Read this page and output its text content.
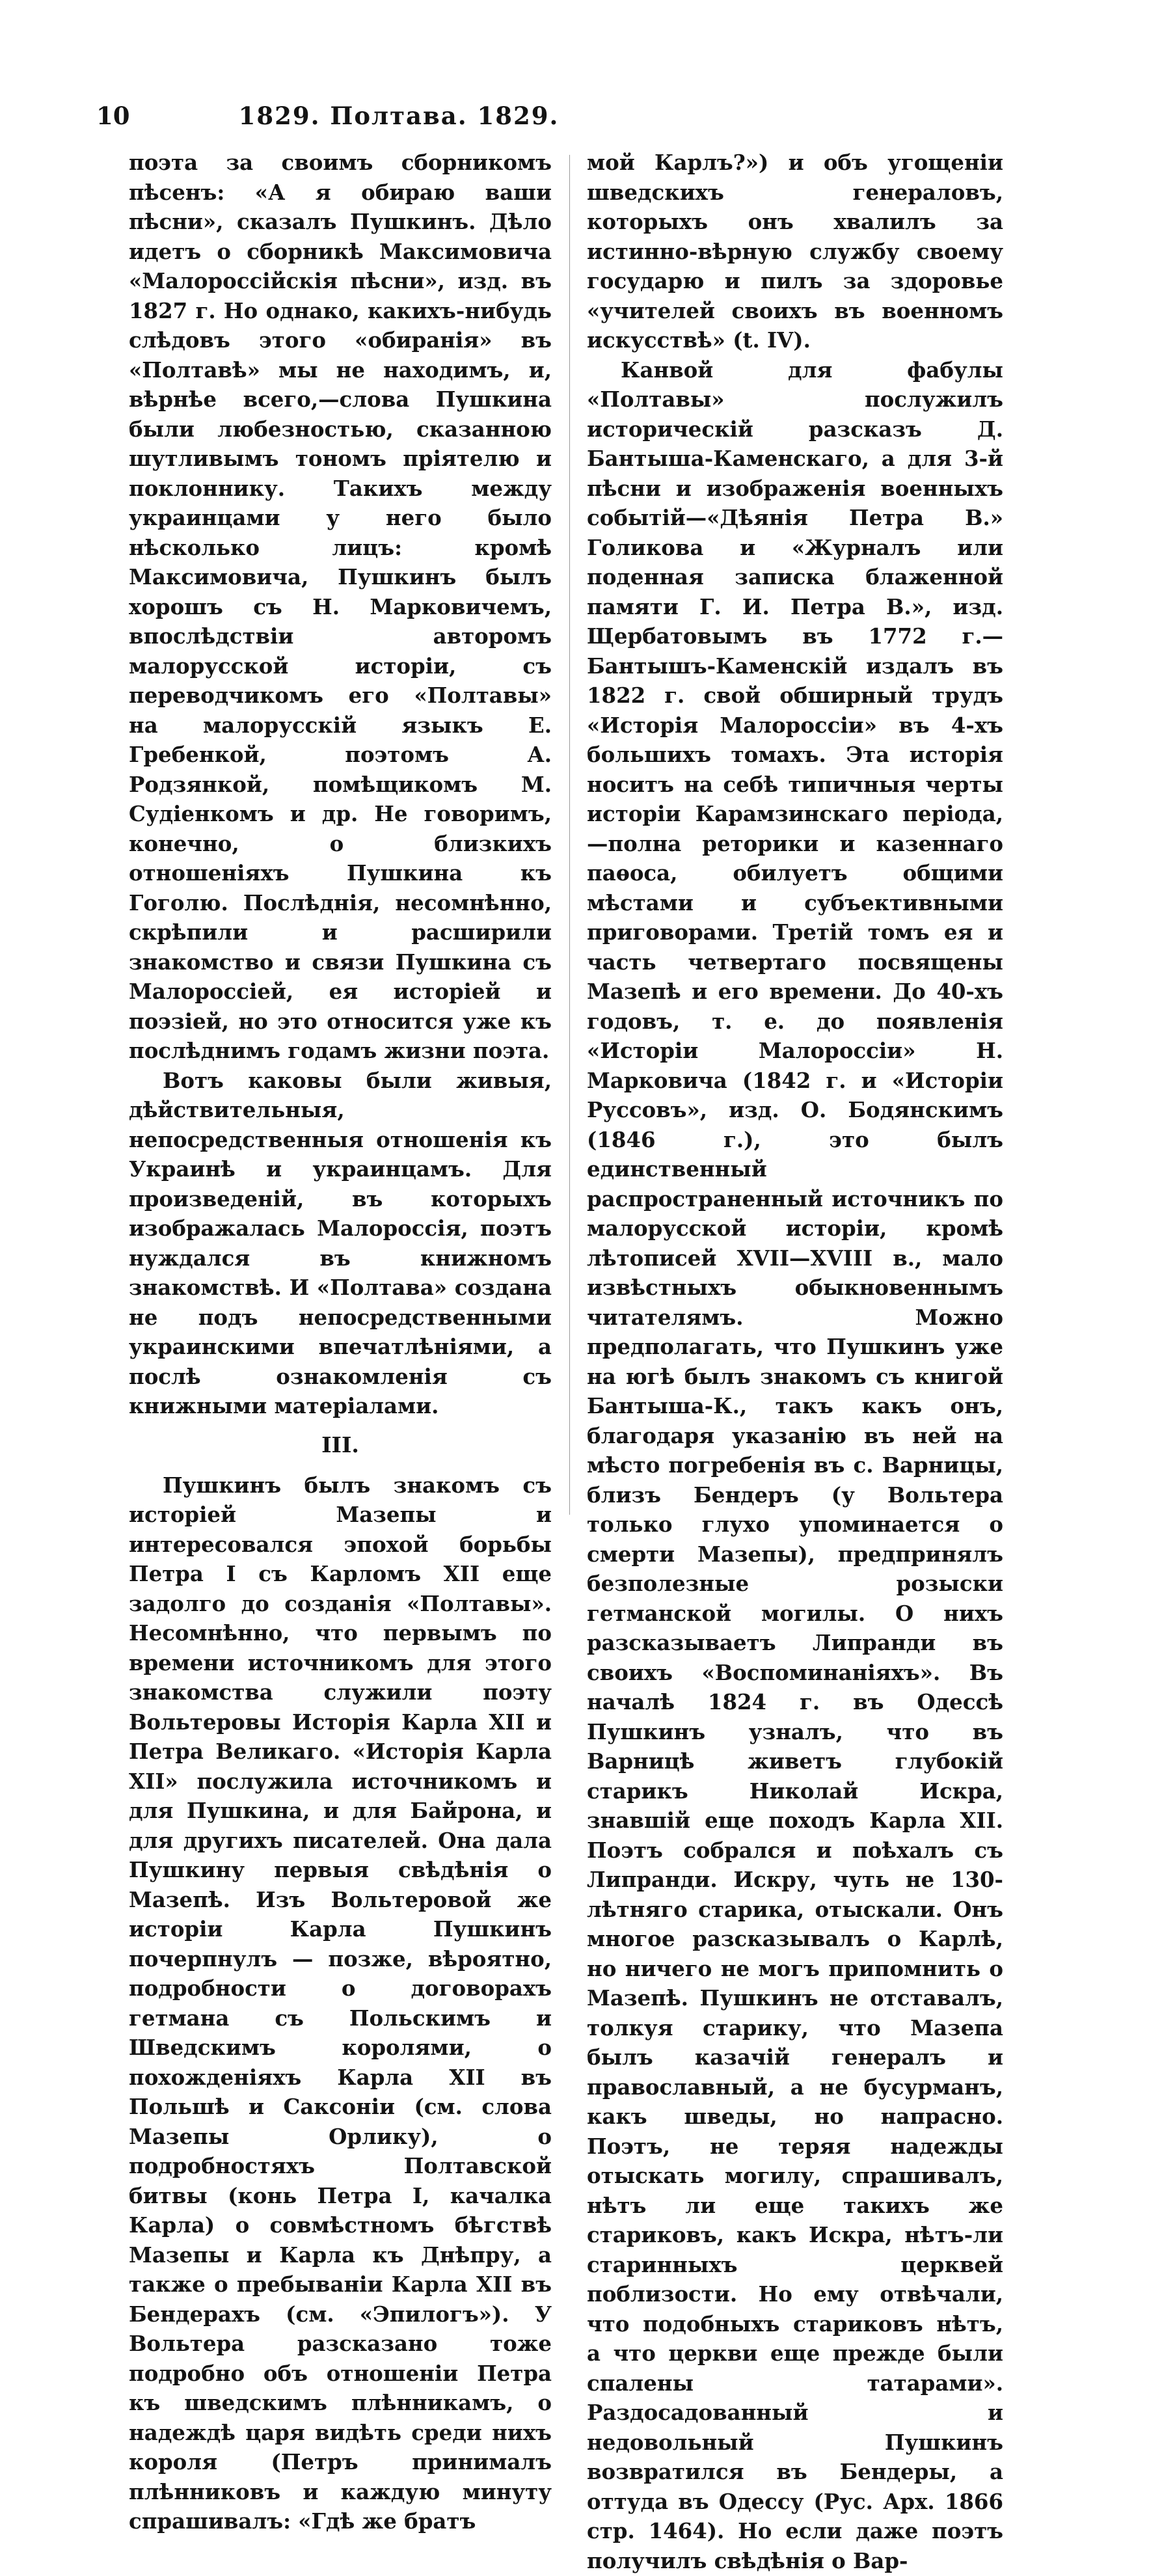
10	1829. Полтава. 1829.

поэта за своимъ сборникомъ пѣсенъ: «А я обираю ваши пѣсни», сказалъ Пушкинъ. Дѣло идетъ о сборникѣ Максимовича «Малороссійскія пѣсни», изд. въ 1827 г. Но однако, какихъ-нибудь слѣдовъ этого «обиранія» въ «Полтавѣ» мы не находимъ, и, вѣрнѣе всего,—слова Пушкина были любезностью, сказанною шутливымъ тономъ пріятелю и поклоннику. Такихъ между украинцами у него было нѣсколько лицъ: кромѣ Максимовича, Пушкинъ былъ хорошъ съ Н. Марковичемъ, впослѣдствіи авторомъ малорусской исторіи, съ переводчикомъ его «Полтавы» на малорусскій языкъ Е. Гребенкой, поэтомъ А. Родзянкой, помѣщикомъ М. Судіенкомъ и др. Не говоримъ, конечно, о близкихъ отношеніяхъ Пушкина къ Гоголю. Послѣднія, несомнѣнно, скрѣпили и расширили знакомство и связи Пушкина съ Малороссіей, ея исторіей и поэзіей, но это относится уже къ послѣднимъ годамъ жизни поэта.

Вотъ каковы были живыя, дѣйствительныя, непосредственныя отношенія къ Украинѣ и украинцамъ. Для произведеній, въ которыхъ изображалась Малороссія, поэтъ нуждался въ книжномъ знакомствѣ. И «Полтава» создана не подъ непосредственными украинскими впечатлѣніями, а послѣ ознакомленія съ книжными матеріалами.

III.

Пушкинъ былъ знакомъ съ исторіей Мазепы и интересовался эпохой борьбы Петра I съ Карломъ XII еще задолго до созданія «Полтавы». Несомнѣнно, что первымъ по времени источникомъ для этого знакомства служили поэту Вольтеровы Исторія Карла XII и Петра Великаго. «Исторія Карла XII» послужила источникомъ и для Пушкина, и для Байрона, и для другихъ писателей. Она дала Пушкину первыя свѣдѣнія о Мазепѣ. Изъ Вольтеровой же исторіи Карла Пушкинъ почерпнулъ — позже, вѣроятно, подробности о договорахъ гетмана съ Польскимъ и Шведскимъ королями, о похожденіяхъ Карла XII въ Польшѣ и Саксоніи (см. слова Мазепы Орлику), о подробностяхъ Полтавской битвы (конь Петра I, качалка Карла) о совмѣстномъ бѣгствѣ Мазепы и Карла къ Днѣпру, а также о пребываніи Карла XII въ Бендерахъ (см. «Эпилогъ»). У Вольтера разсказано тоже подробно объ отношеніи Петра къ шведскимъ плѣнникамъ, о надеждѣ царя видѣть среди нихъ короля (Петръ принималъ плѣнниковъ и каждую минуту спрашивалъ: «Гдѣ же братъ

мой Карлъ?») и объ угощеніи шведскихъ генераловъ, которыхъ онъ хвалилъ за истинно-вѣрную службу своему государю и пилъ за здоровье «учителей своихъ въ военномъ искусствѣ» (t. IV).

Канвой для фабулы «Полтавы» послужилъ историческій разсказъ Д. Бантыша-Каменскаго, а для 3-й пѣсни и изображенія военныхъ событій—«Дѣянія Петра В.» Голикова и «Журналъ или поденная записка блаженной памяти Г. И. Петра В.», изд. Щербатовымъ въ 1772 г.— Бантышъ-Каменскій издалъ въ 1822 г. свой обширный трудъ «Исторія Малороссіи» въ 4-хъ большихъ томахъ. Эта исторія носитъ на себѣ типичныя черты исторіи Карамзинскаго періода,—полна реторики и казеннаго паѳоса, обилуетъ общими мѣстами и субъективными приговорами. Третій томъ ея и часть четвертаго посвящены Мазепѣ и его времени. До 40-хъ годовъ, т. е. до появленія «Исторіи Малороссіи» Н. Марковича (1842 г. и «Исторіи Руссовъ», изд. О. Бодянскимъ (1846 г.), это былъ единственный распространенный источникъ по малорусской исторіи, кромѣ лѣтописей XVII—XVIII в., мало извѣстныхъ обыкновеннымъ читателямъ. Можно предполагать, что Пушкинъ уже на югѣ былъ знакомъ съ книгой Бантыша-К., такъ какъ онъ, благодаря указанію въ ней на мѣсто погребенія въ с. Варницы, близъ Бендеръ (у Вольтера только глухо упоминается о смерти Мазепы), предпринялъ безполезные розыски гетманской могилы. О нихъ разсказываетъ Липранди въ своихъ «Воспоминаніяхъ». Въ началѣ 1824 г. въ Одессѣ Пушкинъ узналъ, что въ Варницѣ живетъ глубокій старикъ Николай Искра, знавшій еще походъ Карла XII. Поэтъ собрался и поѣхалъ съ Липранди. Искру, чуть не 130-лѣтняго старика, отыскали. Онъ многое разсказывалъ о Карлѣ, но ничего не могъ припомнить о Мазепѣ. Пушкинъ не отставалъ, толкуя старику, что Мазепа былъ казачій генералъ и православный, а не бусурманъ, какъ шведы, но напрасно. Поэтъ, не теряя надежды отыскать могилу, спрашивалъ, нѣтъ ли еще такихъ же стариковъ, какъ Искра, нѣтъ-ли старинныхъ церквей поблизости. Но ему отвѣчали, что подобныхъ стариковъ нѣтъ, а что церкви еще прежде были спалены татарами». Раздосадованный и недовольный Пушкинъ возвратился въ Бендеры, а оттуда въ Одессу (Рус. Арх. 1866 стр. 1464). Но если даже поэтъ получилъ свѣдѣнія о Вар-
